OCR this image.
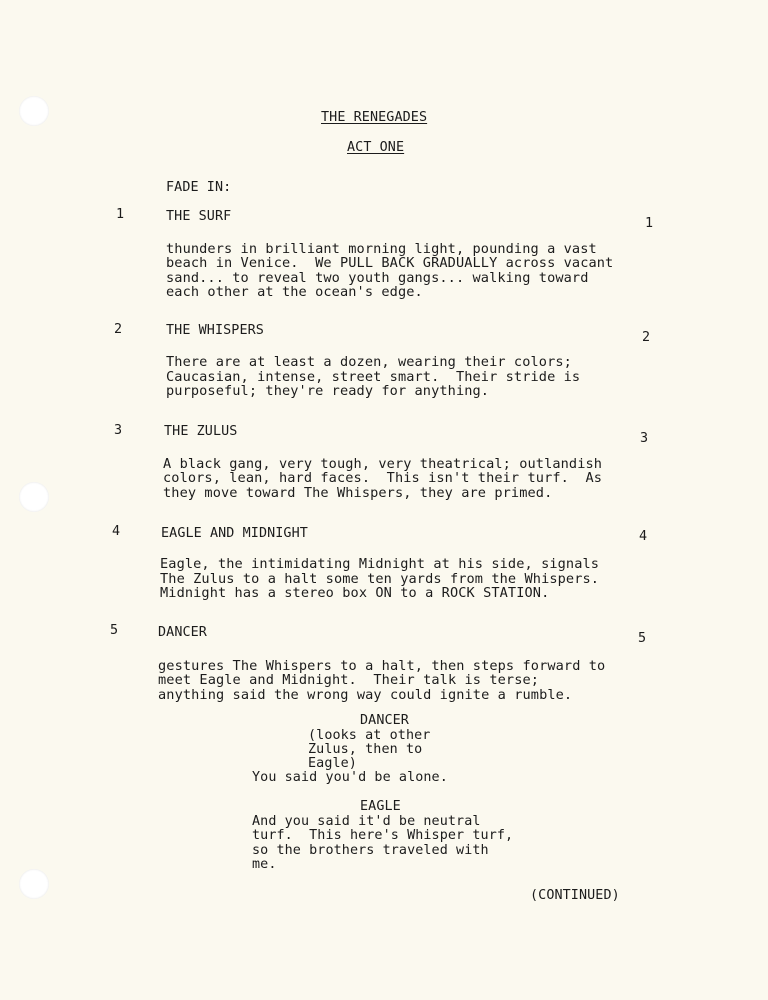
THE RENEGADES
ACT ONE
FADE IN:
1	THE SURF	1
thunders in brilliant morning light, pounding a vast
beach in Venice.  We PULL BACK GRADUALLY across vacant
sand... to reveal two youth gangs... walking toward
each other at the ocean's edge.
2	THE WHISPERS	2
There are at least a dozen, wearing their colors;
Caucasian, intense, street smart.  Their stride is
purposeful; they're ready for anything.
3	THE ZULUS	3
A black gang, very tough, very theatrical; outlandish
colors, lean, hard faces.  This isn't their turf.  As
they move toward The Whispers, they are primed.
4	EAGLE AND MIDNIGHT	4
Eagle, the intimidating Midnight at his side, signals
The Zulus to a halt some ten yards from the Whispers.
Midnight has a stereo box ON to a ROCK STATION.
5	DANCER	5
gestures The Whispers to a halt, then steps forward to
meet Eagle and Midnight.  Their talk is terse;
anything said the wrong way could ignite a rumble.
DANCER
(looks at other
Zulus, then to
Eagle)
You said you'd be alone.
EAGLE
And you said it'd be neutral
turf.  This here's Whisper turf,
so the brothers traveled with
me.
(CONTINUED)
